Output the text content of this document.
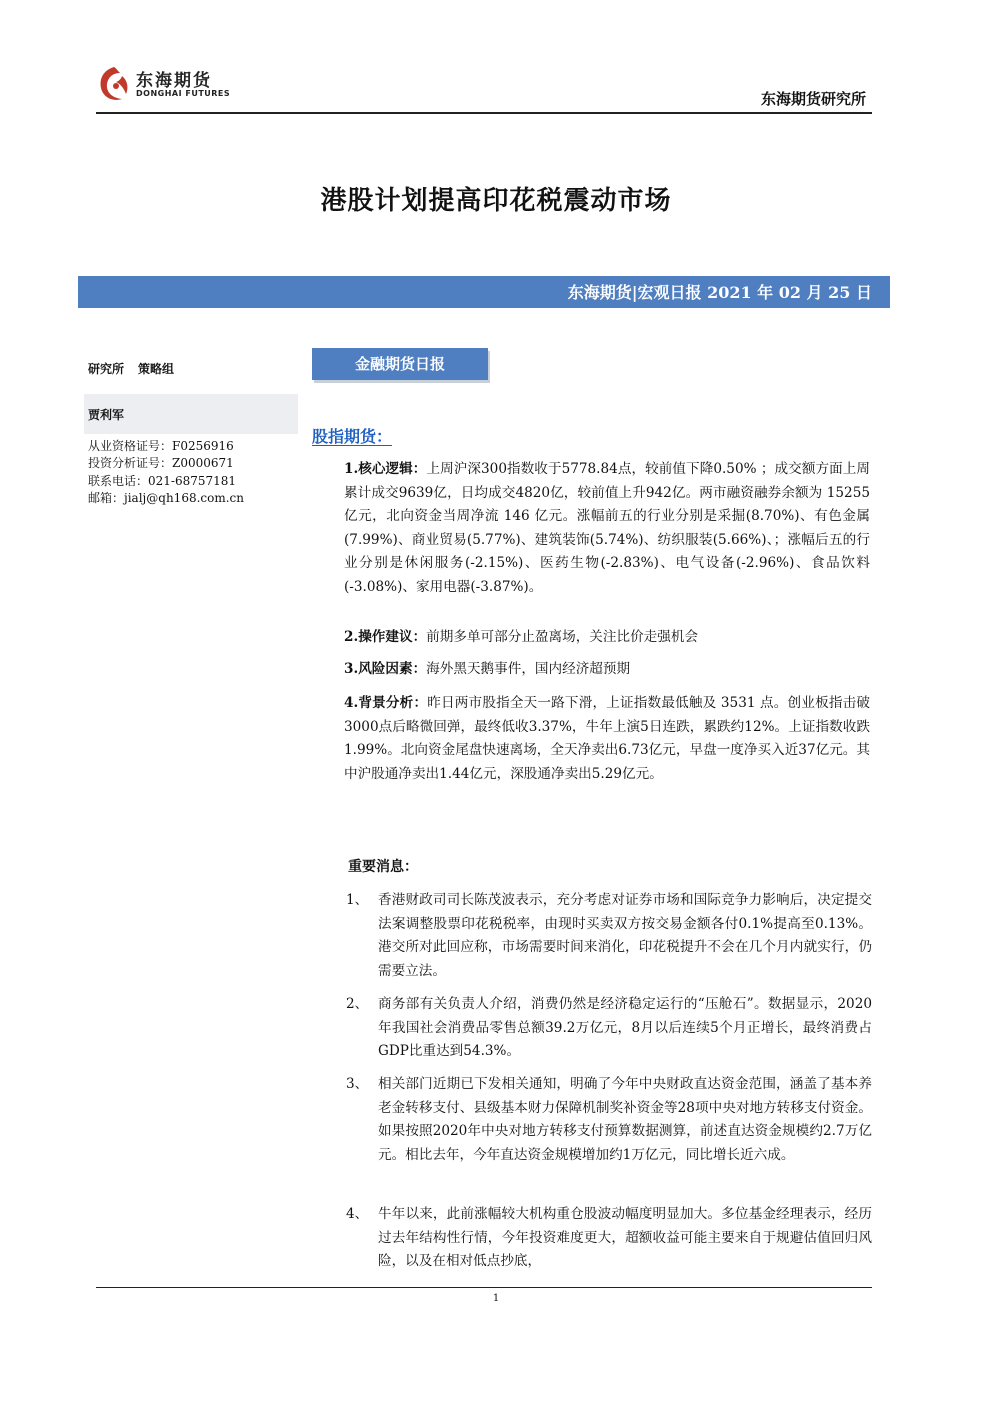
东海期货
DONGHAI FUTURES	东海期货研究所
港股计划提高印花税震动市场
东海期货|宏观日报 2021 年 02 月 25 日
研究所 策略组
贾利军
从业资格证号：F0256916
投资分析证号：Z0000671
联系电话：021-68757181
邮箱：jialj@qh168.com.cn
金融期货日报
股指期货：
1.核心逻辑：上周沪深300指数收于5778.84点，较前值下降0.50% ；成交额方面上周累计成交9639亿，日均成交4820亿，较前值上升942亿。两市融资融券余额为 15255 亿元，北向资金当周净流 146 亿元。涨幅前五的行业分别是采掘(8.70%)、有色金属(7.99%)、商业贸易(5.77%)、建筑装饰(5.74%)、纺织服装(5.66%)、；涨幅后五的行业分别是休闲服务(-2.15%)、医药生物(-2.83%)、电气设备(-2.96%)、食品饮料(-3.08%)、家用电器(-3.87%)。
2.操作建议：前期多单可部分止盈离场，关注比价走强机会
3.风险因素：海外黑天鹅事件，国内经济超预期
4.背景分析：昨日两市股指全天一路下滑，上证指数最低触及 3531 点。创业板指击破3000点后略微回弹，最终低收3.37%，牛年上演5日连跌，累跌约12%。上证指数收跌1.99%。北向资金尾盘快速离场，全天净卖出6.73亿元，早盘一度净买入近37亿元。其中沪股通净卖出1.44亿元，深股通净卖出5.29亿元。
重要消息：
1、 香港财政司司长陈茂波表示，充分考虑对证券市场和国际竞争力影响后，决定提交法案调整股票印花税税率，由现时买卖双方按交易金额各付0.1%提高至0.13%。港交所对此回应称，市场需要时间来消化，印花税提升不会在几个月内就实行，仍需要立法。
2、 商务部有关负责人介绍，消费仍然是经济稳定运行的“压舱石”。数据显示，2020年我国社会消费品零售总额39.2万亿元，8月以后连续5个月正增长，最终消费占GDP比重达到54.3%。
3、 相关部门近期已下发相关通知，明确了今年中央财政直达资金范围，涵盖了基本养老金转移支付、县级基本财力保障机制奖补资金等28项中央对地方转移支付资金。如果按照2020年中央对地方转移支付预算数据测算，前述直达资金规模约2.7万亿元。相比去年，今年直达资金规模增加约1万亿元，同比增长近六成。
4、 牛年以来，此前涨幅较大机构重仓股波动幅度明显加大。多位基金经理表示，经历过去年结构性行情，今年投资难度更大，超额收益可能主要来自于规避估值回归风险，以及在相对低点抄底，
1
